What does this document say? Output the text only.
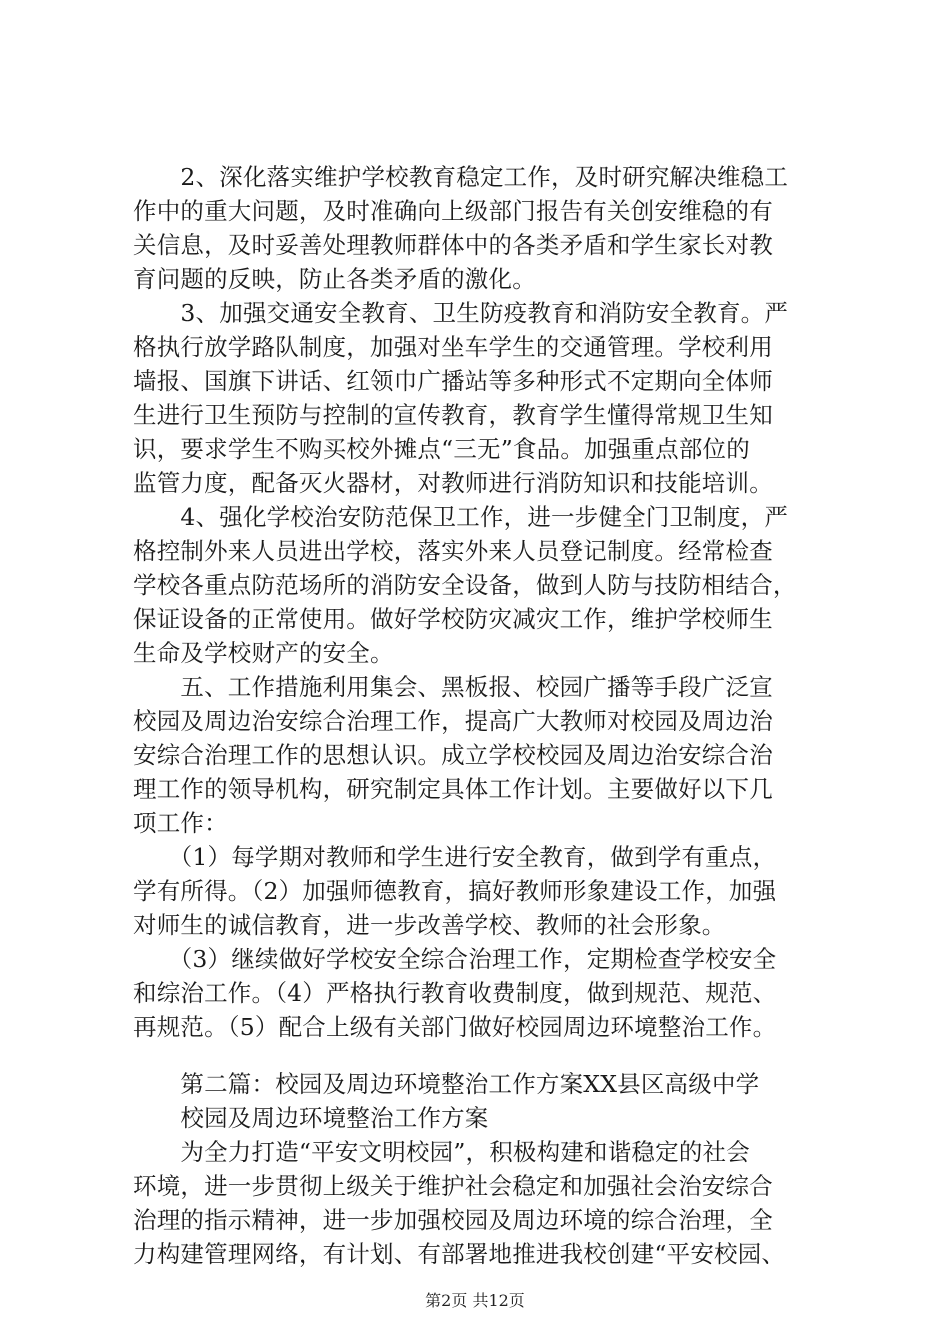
　　2、深化落实维护学校教育稳定工作，及时研究解决维稳工
作中的重大问题，及时准确向上级部门报告有关创安维稳的有
关信息，及时妥善处理教师群体中的各类矛盾和学生家长对教
育问题的反映，防止各类矛盾的激化。
　　3、加强交通安全教育、卫生防疫教育和消防安全教育。严
格执行放学路队制度，加强对坐车学生的交通管理。学校利用
墙报、国旗下讲话、红领巾广播站等多种形式不定期向全体师
生进行卫生预防与控制的宣传教育，教育学生懂得常规卫生知
识，要求学生不购买校外摊点“三无”食品。加强重点部位的
监管力度，配备灭火器材，对教师进行消防知识和技能培训。
　　4、强化学校治安防范保卫工作，进一步健全门卫制度，严
格控制外来人员进出学校，落实外来人员登记制度。经常检查
学校各重点防范场所的消防安全设备，做到人防与技防相结合，
保证设备的正常使用。做好学校防灾减灾工作，维护学校师生
生命及学校财产的安全。
　　五、工作措施利用集会、黑板报、校园广播等手段广泛宣
校园及周边治安综合治理工作，提高广大教师对校园及周边治
安综合治理工作的思想认识。成立学校校园及周边治安综合治
理工作的领导机构，研究制定具体工作计划。主要做好以下几
项工作：
　　（1）每学期对教师和学生进行安全教育，做到学有重点，
学有所得。（2）加强师德教育，搞好教师形象建设工作，加强
对师生的诚信教育，进一步改善学校、教师的社会形象。
　　（3）继续做好学校安全综合治理工作，定期检查学校安全
和综治工作。（4）严格执行教育收费制度，做到规范、规范、
再规范。（5）配合上级有关部门做好校园周边环境整治工作。
　　第二篇：校园及周边环境整治工作方案XX县区高级中学
　　校园及周边环境整治工作方案
　　为全力打造“平安文明校园”，积极构建和谐稳定的社会
环境，进一步贯彻上级关于维护社会稳定和加强社会治安综合
治理的指示精神，进一步加强校园及周边环境的综合治理，全
力构建管理网络，有计划、有部署地推进我校创建“平安校园、
第2页 共12页
